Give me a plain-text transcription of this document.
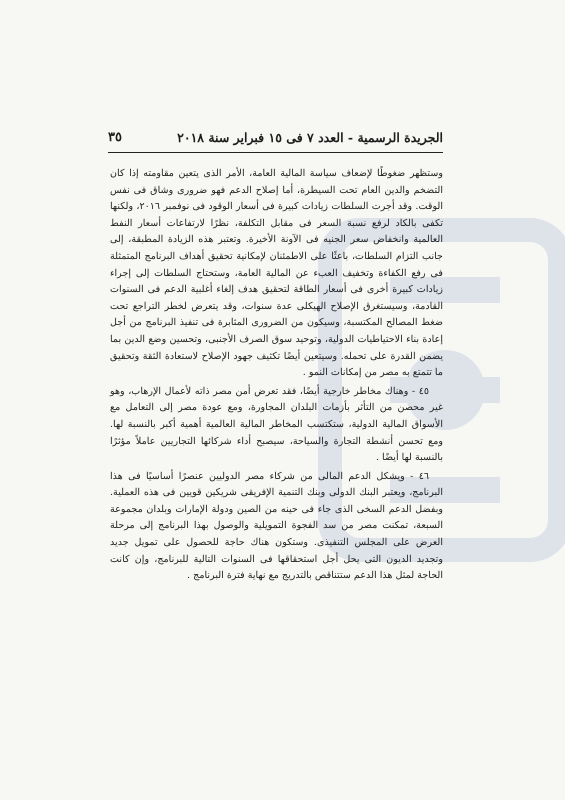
الجريدة الرسمية - العدد ٧ فى ١٥ فبراير سنة ٢٠١٨
٣٥

وستظهر ضغوطًا لإضعاف سياسة المالية العامة، الأمر الذى يتعين مقاومته إذا كان التضخم والدين العام تحت السيطرة، أما إصلاح الدعم فهو ضرورى وشاق فى نفس الوقت. وقد أجرت السلطات زيادات كبيرة فى أسعار الوقود فى نوفمبر ٢٠١٦، ولكنها تكفى بالكاد لرفع نسبة السعر فى مقابل التكلفة، نظرًا لارتفاعات أسعار النفط العالمية وانخفاض سعر الجنيه فى الآونة الأخيرة. وتعتبر هذه الزيادة المطبقة، إلى جانب التزام السلطات، باعثًا على الاطمئنان لإمكانية تحقيق أهداف البرنامج المتمثلة فى رفع الكفاءة وتخفيف العبء عن المالية العامة، وستحتاج السلطات إلى إجراء زيادات كبيرة أخرى فى أسعار الطاقة لتحقيق هدف إلغاء أغلبية الدعم فى السنوات القادمة، وسيستغرق الإصلاح الهيكلى عدة سنوات، وقد يتعرض لخطر التراجع تحت ضغط المصالح المكتسبة، وسيكون من الضرورى المثابرة فى تنفيذ البرنامج من أجل إعادة بناء الاحتياطيات الدولية، وتوحيد سوق الصرف الأجنبى، وتحسين وضع الدين بما يضمن القدرة على تحمله. وسيتعين أيضًا تكثيف جهود الإصلاح لاستعادة الثقة وتحقيق ما تتمتع به مصر من إمكانات النمو .

٤٥ - وهناك مخاطر خارجية أيضًا، فقد تعرض أمن مصر ذاته لأعمال الإرهاب، وهو غير محصن من التأثر بأزمات البلدان المجاورة، ومع عودة مصر إلى التعامل مع الأسواق المالية الدولية، ستكتسب المخاطر المالية العالمية أهمية أكبر بالنسبة لها. ومع تحسن أنشطة التجارة والسياحة، سيصبح أداء شركائها التجاريين عاملاً مؤثرًا بالنسبة لها أيضًا .

٤٦ - ويشكل الدعم المالى من شركاء مصر الدوليين عنصرًا أساسيًا فى هذا البرنامج، ويعتبر البنك الدولى وبنك التنمية الإفريقى شريكين قويين فى هذه العملية. وبفضل الدعم السخى الذى جاء فى حينه من الصين ودولة الإمارات وبلدان مجموعة السبعة، تمكنت مصر من سد الفجوة التمويلية والوصول بهذا البرنامج إلى مرحلة العرض على المجلس التنفيذى. وستكون هناك حاجة للحصول على تمويل جديد وتجديد الديون التى يحل أجل استحقاقها فى السنوات التالية للبرنامج، وإن كانت الحاجة لمثل هذا الدعم ستتناقص بالتدريج مع نهاية فترة البرنامج .
